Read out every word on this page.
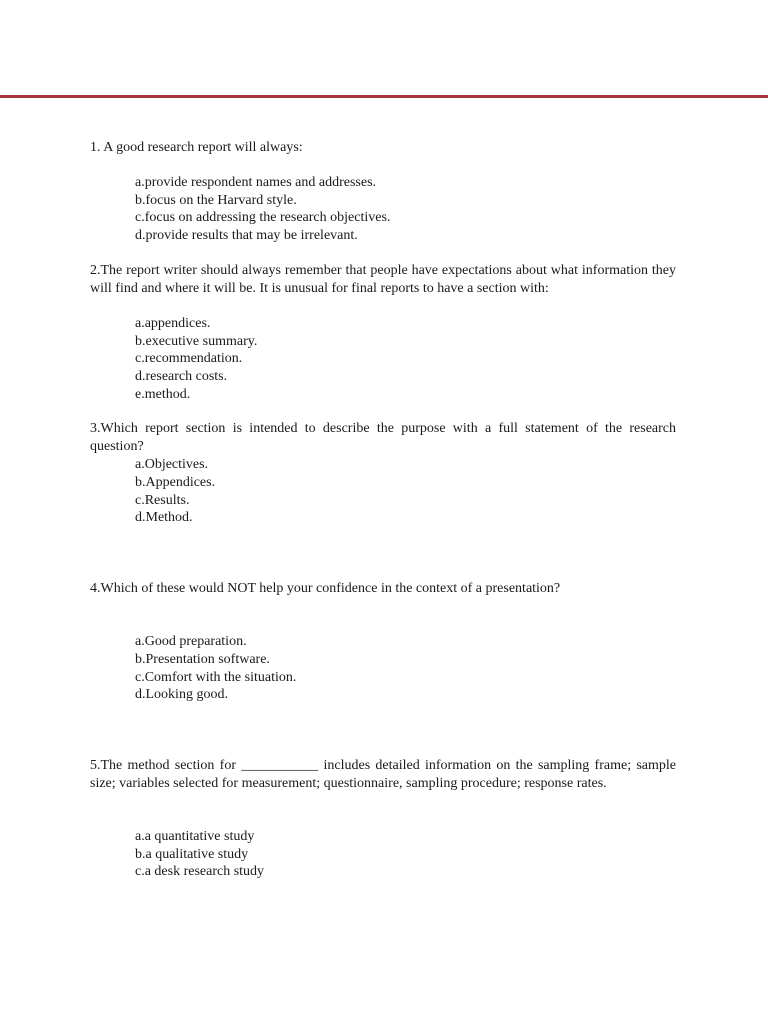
1. A good research report will always:

a.provide respondent names and addresses.
b.focus on the Harvard style.
c.focus on addressing the research objectives.
d.provide results that may be irrelevant.

2.The report writer should always remember that people have expectations about what information they will find and where it will be. It is unusual for final reports to have a section with:

a.appendices.
b.executive summary.
c.recommendation.
d.research costs.
e.method.

3.Which report section is intended to describe the purpose with a full statement of the research question?

a.Objectives.
b.Appendices.
c.Results.
d.Method.

4.Which of these would NOT help your confidence in the context of a presentation?

a.Good preparation.
b.Presentation software.
c.Comfort with the situation.
d.Looking good.

5.The method section for ___________ includes detailed information on the sampling frame; sample size; variables selected for measurement; questionnaire, sampling procedure; response rates.

a.a quantitative study
b.a qualitative study
c.a desk research study
